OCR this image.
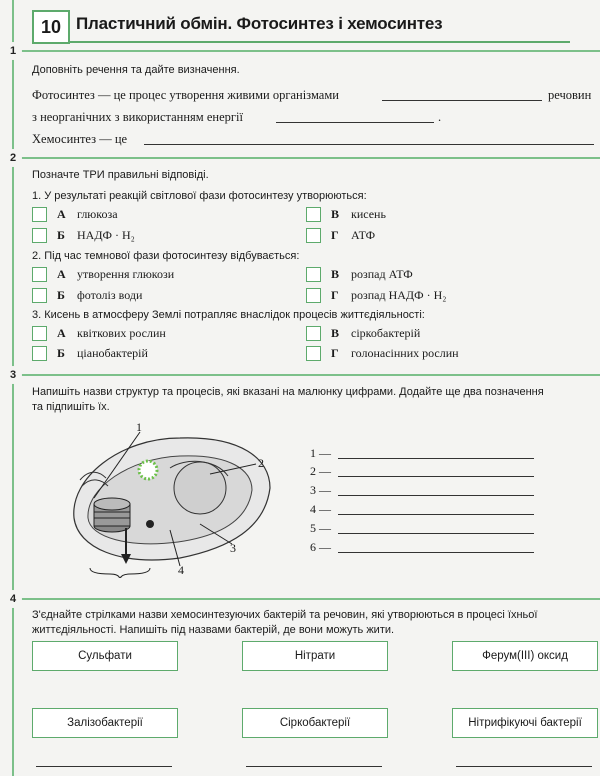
10 Пластичний обмін. Фотосинтез і хемосинтез
1
Доповніть речення та дайте визначення.
Фотосинтез — це процес утворення живими організмами	речовин
з неорганічних з використанням енергії	.
Хемосинтез — це
2
Позначте ТРИ правильні відповіді.
1. У результаті реакцій світлової фази фотосинтезу утворюються:
А глюкоза
Б	НАДФ · Н₂
В кисень
Г	АТФ
2. Під час темнової фази фотосинтезу відбувається:
А утворення глюкози
Б	фотоліз води
В розпад АТФ
Г	розпад НАДФ · Н₂
3. Кисень в атмосферу Землі потрапляє внаслідок процесів життєдіяльності:
А квіткових рослин
Б	ціанобактерій
В сіркобактерій
Г	голонасінних рослин
3
Напишіть назви структур та процесів, які вказані на малюнку цифрами. Додайте ще два позначення
та підпишіть їх.
1
2
3
4
1 —
2 —
3 —
4 —
5 —
6 —
4
З'єднайте стрілками назви хемосинтезуючих бактерій та речовин, які утворюються в процесі їхньої
життєдіяльності. Напишіть під назвами бактерій, де вони можуть жити.
Сульфати	Нітрати	Ферум(ІІІ) оксид
Залізобактерії	Сіркобактерії	Нітрифікуючі бактерії
